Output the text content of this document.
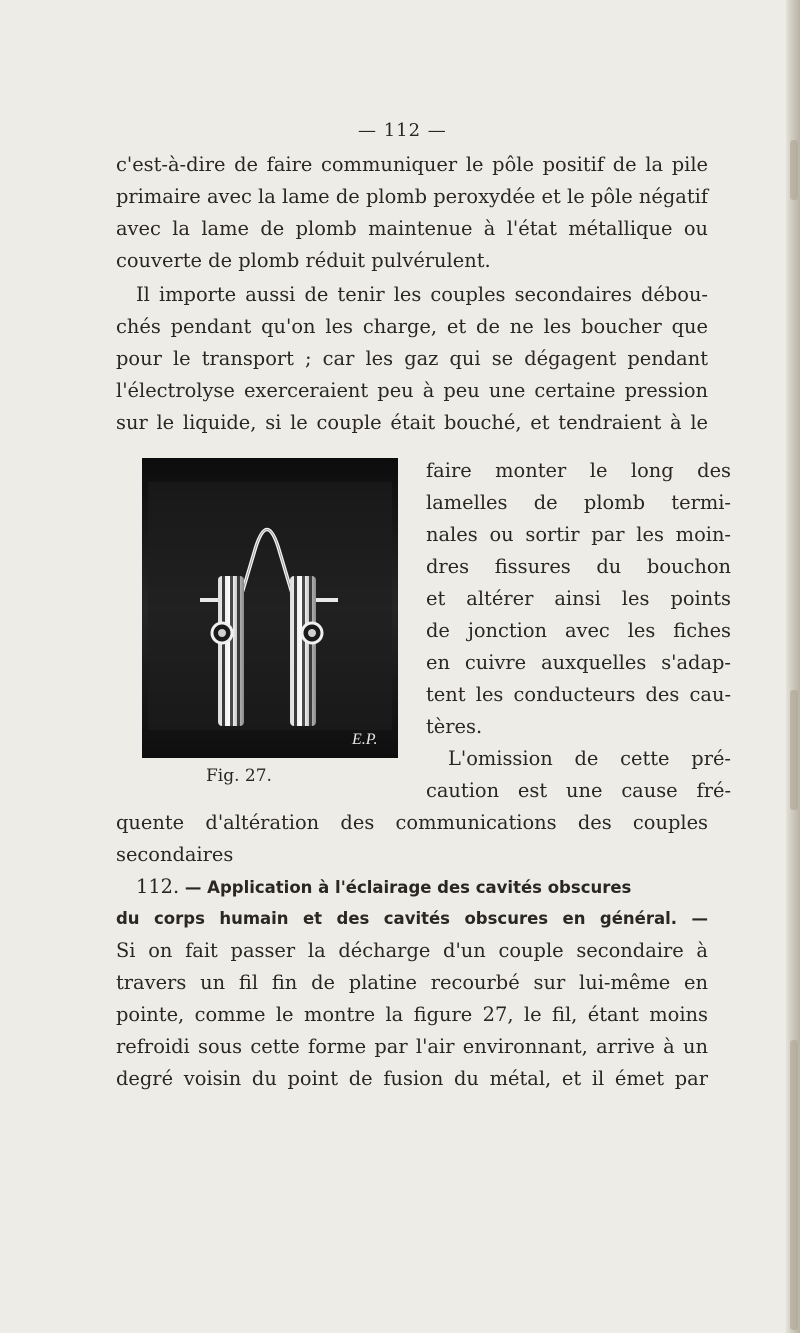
— 112 —
c'est-à-dire de faire communiquer le pôle positif de la pile
primaire avec la lame de plomb peroxydée et le pôle négatif
avec la lame de plomb maintenue à l'état métallique ou
couverte de plomb réduit pulvérulent.
Il importe aussi de tenir les couples secondaires débou-
chés pendant qu'on les charge, et de ne les boucher que
pour le transport ; car les gaz qui se dégagent pendant
l'électrolyse exerceraient peu à peu une certaine pression
sur le liquide, si le couple était bouché, et tendraient à le
E.P.
faire monter le long des
lamelles de plomb termi-
nales ou sortir par les moin-
dres fissures du bouchon
et altérer ainsi les points
de jonction avec les fiches
en cuivre auxquelles s'adap-
tent les conducteurs des cau-
tères.
L'omission de cette pré-
caution est une cause fré-
Fig. 27.
quente d'altération des communications des couples
secondaires
112. — Application à l'éclairage des cavités obscures
du corps humain et des cavités obscures en général. —
Si on fait passer la décharge d'un couple secondaire à
travers un fil fin de platine recourbé sur lui-même en
pointe, comme le montre la figure 27, le fil, étant moins
refroidi sous cette forme par l'air environnant, arrive à un
degré voisin du point de fusion du métal, et il émet par
